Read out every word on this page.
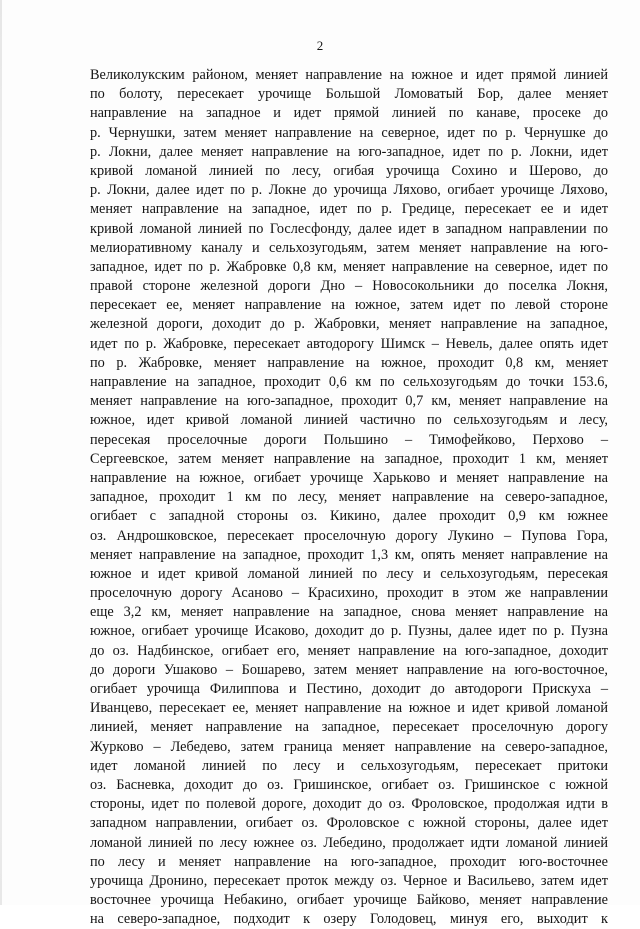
2
Великолукским районом, меняет направление на южное и идет прямой линией
по болоту, пересекает урочище Большой Ломоватый Бор, далее меняет
направление на западное и идет прямой линией по канаве, просеке до
р. Чернушки, затем меняет направление на северное, идет по р. Чернушке до
р. Локни, далее меняет направление на юго-западное, идет по р. Локни, идет
кривой ломаной линией по лесу, огибая урочища Сохино и Шерово, до
р. Локни, далее идет по р. Локне до урочища Ляхово, огибает урочище Ляхово,
меняет направление на западное, идет по р. Гредице, пересекает ее и идет
кривой ломаной линией по Гослесфонду, далее идет в западном направлении по
мелиоративному каналу и сельхозугодьям, затем меняет направление на юго-
западное, идет по р. Жабровке 0,8 км, меняет направление на северное, идет по
правой стороне железной дороги Дно – Новосокольники до поселка Локня,
пересекает ее, меняет направление на южное, затем идет по левой стороне
железной дороги, доходит до р. Жабровки, меняет направление на западное,
идет по р. Жабровке, пересекает автодорогу Шимск – Невель, далее опять идет
по р. Жабровке, меняет направление на южное, проходит 0,8 км, меняет
направление на западное, проходит 0,6 км по сельхозугодьям до точки 153.6,
меняет направление на юго-западное, проходит 0,7 км, меняет направление на
южное, идет кривой ломаной линией частично по сельхозугодьям и лесу,
пересекая проселочные дороги Польшино – Тимофейково, Перхово –
Сергеевское, затем меняет направление на западное, проходит 1 км, меняет
направление на южное, огибает урочище Харьково и меняет направление на
западное, проходит 1 км по лесу, меняет направление на северо-западное,
огибает с западной стороны оз. Кикино, далее проходит 0,9 км южнее
оз. Андрошковское, пересекает проселочную дорогу Лукино – Пупова Гора,
меняет направление на западное, проходит 1,3 км, опять меняет направление на
южное и идет кривой ломаной линией по лесу и сельхозугодьям, пересекая
проселочную дорогу Асаново – Красихино, проходит в этом же направлении
еще 3,2 км, меняет направление на западное, снова меняет направление на
южное, огибает урочище Исаково, доходит до р. Пузны, далее идет по р. Пузна
до оз. Надбинское, огибает его, меняет направление на юго-западное, доходит
до дороги Ушаково – Бошарево, затем меняет направление на юго-восточное,
огибает урочища Филиппова и Пестино, доходит до автодороги Прискуха –
Иванцево, пересекает ее, меняет направление на южное и идет кривой ломаной
линией, меняет направление на западное, пересекает проселочную дорогу
Журково – Лебедево, затем граница меняет направление на северо-западное,
идет ломаной линией по лесу и сельхозугодьям, пересекает притоки
оз. Басневка, доходит до оз. Гришинское, огибает оз. Гришинское с южной
стороны, идет по полевой дороге, доходит до оз. Фроловское, продолжая идти в
западном направлении, огибает оз. Фроловское с южной стороны, далее идет
ломаной линией по лесу южнее оз. Лебедино, продолжает идти ломаной линией
по лесу и меняет направление на юго-западное, проходит юго-восточнее
урочища Дронино, пересекает проток между оз. Черное и Васильево, затем идет
восточнее урочища Небакино, огибает урочище Байково, меняет направление
на северо-западное, подходит к озеру Голодовец, минуя его, выходит к
